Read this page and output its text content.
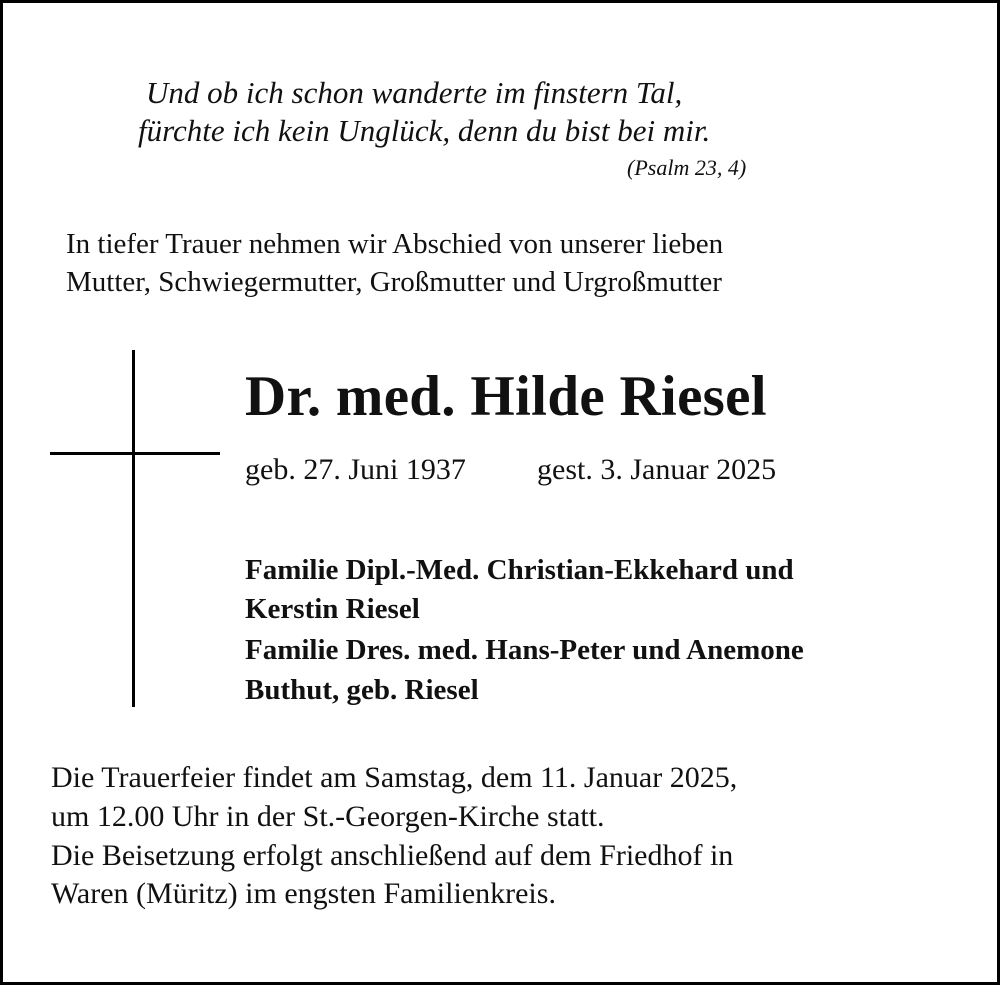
Und ob ich schon wanderte im finstern Tal,
fürchte ich kein Unglück, denn du bist bei mir.
(Psalm 23, 4)
In tiefer Trauer nehmen wir Abschied von unserer lieben
Mutter, Schwiegermutter, Großmutter und Urgroßmutter
Dr. med. Hilde Riesel
geb. 27. Juni 1937 gest. 3. Januar 2025
Familie Dipl.-Med. Christian-Ekkehard und
Kerstin Riesel
Familie Dres. med. Hans-Peter und Anemone
Buthut, geb. Riesel
Die Trauerfeier findet am Samstag, dem 11. Januar 2025,
um 12.00 Uhr in der St.-Georgen-Kirche statt.
Die Beisetzung erfolgt anschließend auf dem Friedhof in
Waren (Müritz) im engsten Familienkreis.
